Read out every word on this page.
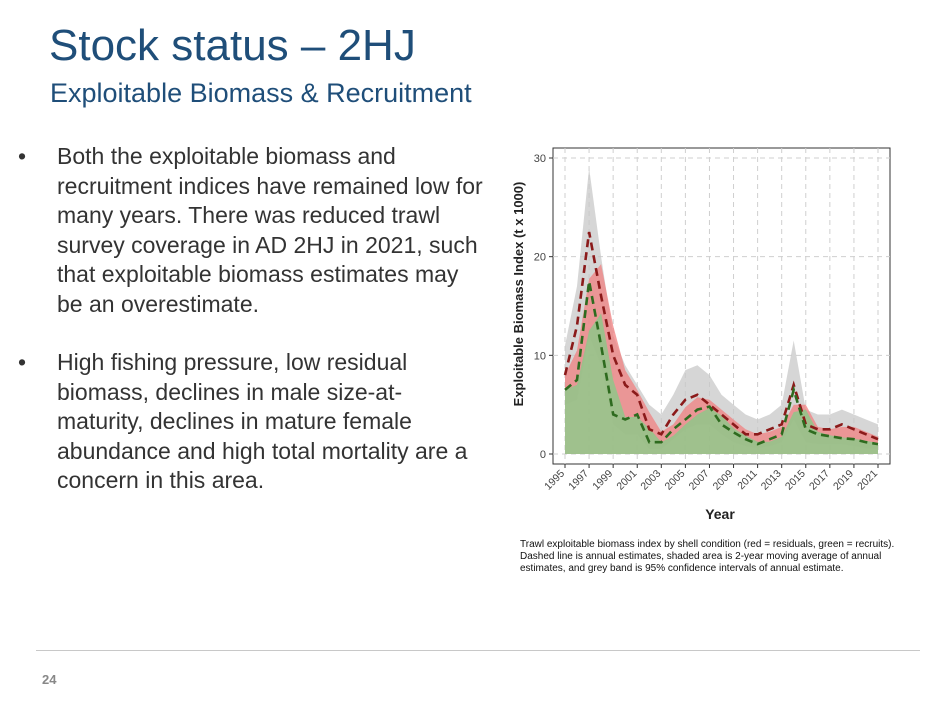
Stock status – 2HJ
Exploitable Biomass & Recruitment
•	Both the exploitable biomass and recruitment indices have remained low for many years. There was reduced trawl survey coverage in AD 2HJ in 2021, such that exploitable biomass estimates may be an overestimate.
•	High fishing pressure, low residual biomass, declines in male size-at-maturity, declines in mature female abundance and high total mortality are a concern in this area.
0
10
20
30
1995 1997 1999 2001 2003 2005 2007 2009 2011 2013 2015 2017 2019 2021
Year
Exploitable Biomass Index (t x 1000)
Trawl exploitable biomass index by shell condition (red = residuals, green = recruits). Dashed line is annual estimates, shaded area is 2-year moving average of annual estimates, and grey band is 95% confidence intervals of annual estimate.
24
